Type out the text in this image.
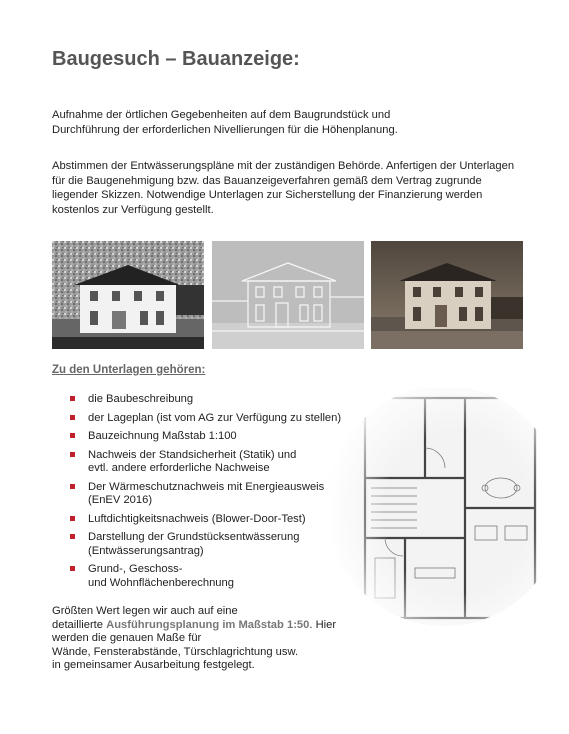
Baugesuch – Bauanzeige:

Aufnahme der örtlichen Gegebenheiten auf dem Baugrundstück und
Durchführung der erforderlichen Nivellierungen für die Höhenplanung.

Abstimmen der Entwässerungspläne mit der zuständigen Behörde. Anfertigen der Unterlagen
für die Baugenehmigung bzw. das Bauanzeigeverfahren gemäß dem Vertrag zugrunde
liegender Skizzen. Notwendige Unterlagen zur Sicherstellung der Finanzierung werden
kostenlos zur Verfügung gestellt.

Zu den Unterlagen gehören:
die Baubeschreibung
der Lageplan (ist vom AG zur Verfügung zu stellen)
Bauzeichnung Maßstab 1:100
Nachweis der Standsicherheit (Statik) und
evtl. andere erforderliche Nachweise
Der Wärmeschutznachweis mit Energieausweis
(EnEV 2016)
Luftdichtigkeitsnachweis (Blower-Door-Test)
Darstellung der Grundstücksentwässerung
(Entwässerungsantrag)
Grund-, Geschoss-
und Wohnflächenberechnung

Größten Wert legen wir auch auf eine
detaillierte Ausführungsplanung im Maßstab 1:50. Hier werden die genauen Maße für
Wände, Fensterabstände, Türschlagrichtung usw.
in gemeinsamer Ausarbeitung festgelegt.
